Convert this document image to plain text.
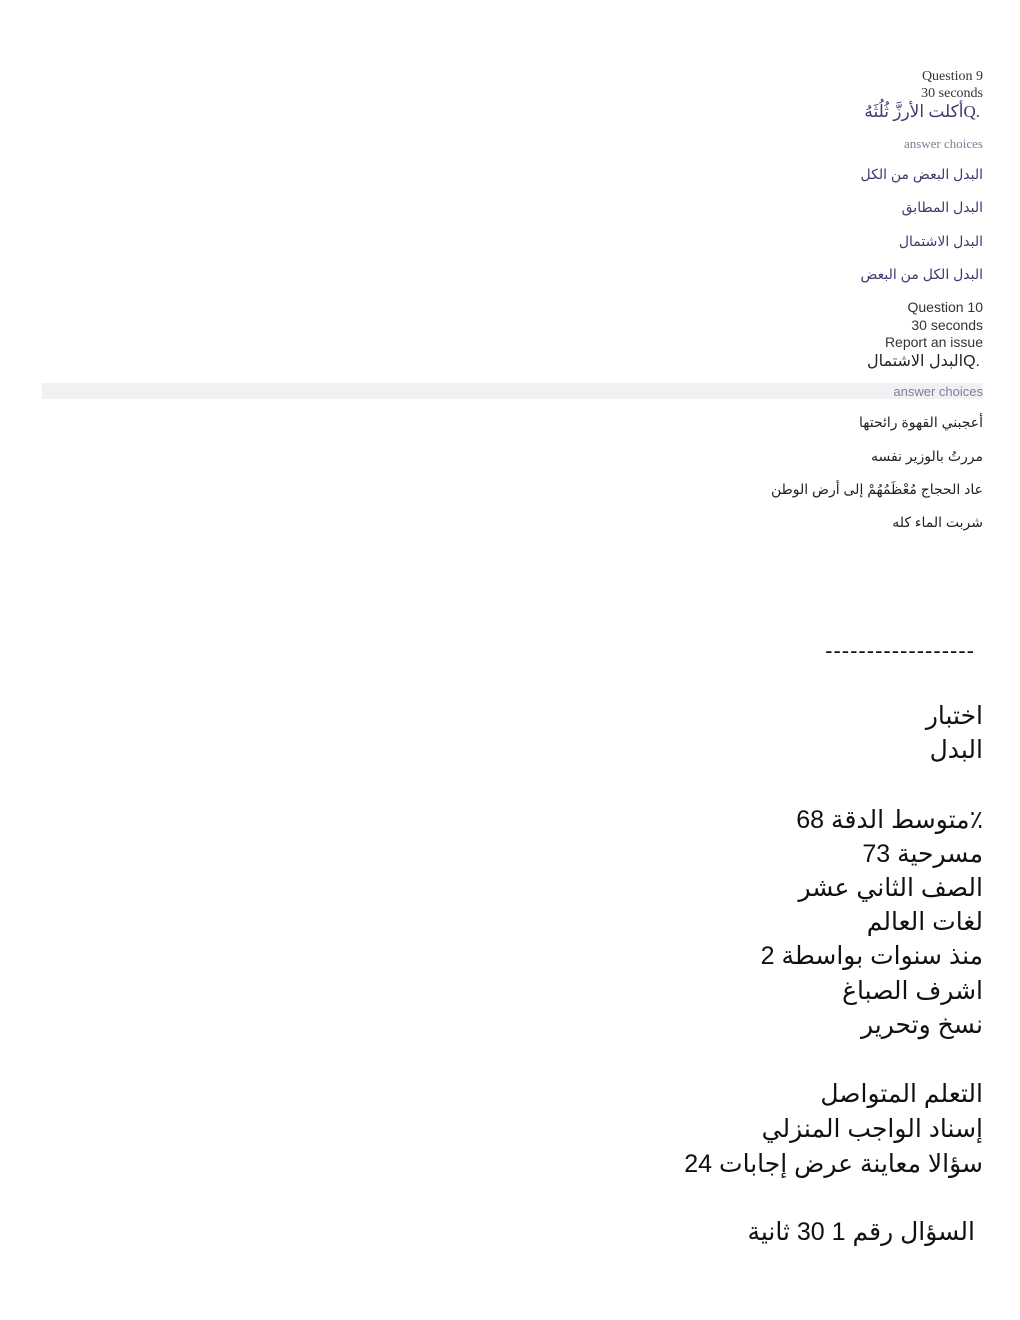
Question 9
30 seconds
أكلت الأرزَّ ثُلُثَهُQ.
answer choices
البدل البعض من الكل
البدل المطابق
البدل الاشتمال
البدل الكل من البعض
Question 10
30 seconds
Report an issue
البدل الاشتمالQ.
answer choices
أعجبني القهوة رائحتها
مررتُ بالوزير نفسه
عاد الحجاج مُعْظَمُهُمْ إلى أرض الوطن
شربت الماء كله
------------------
اختبار
البدل
متوسط الدقة 68٪
73 مسرحية
الصف الثاني عشر
لغات العالم
2 منذ سنوات بواسطة
اشرف الصباغ
نسخ وتحرير
التعلم المتواصل
إسناد الواجب المنزلي
24 سؤالا معاينة عرض إجابات
السؤال رقم 1 30 ثانية
